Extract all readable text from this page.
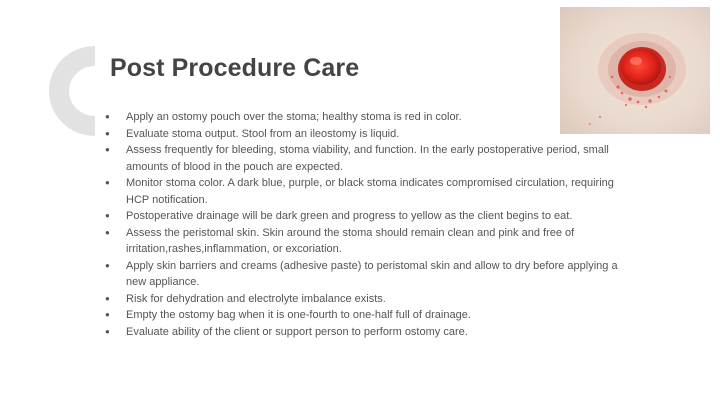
Post Procedure Care
● Apply an ostomy pouch over the stoma; healthy stoma is red in color.
● Evaluate stoma output. Stool from an ileostomy is liquid.
● Assess frequently for bleeding, stoma viability, and function. In the early postoperative period, small amounts of blood in the pouch are expected.
● Monitor stoma color. A dark blue, purple, or black stoma indicates compromised circulation, requiring HCP notification.
● Postoperative drainage will be dark green and progress to yellow as the client begins to eat.
● Assess the peristomal skin. Skin around the stoma should remain clean and pink and free of irritation,rashes,inflammation, or excoriation.
● Apply skin barriers and creams (adhesive paste) to peristomal skin and allow to dry before applying a new appliance.
● Risk for dehydration and electrolyte imbalance exists.
● Empty the ostomy bag when it is one-fourth to one-half full of drainage.
● Evaluate ability of the client or support person to perform ostomy care.
